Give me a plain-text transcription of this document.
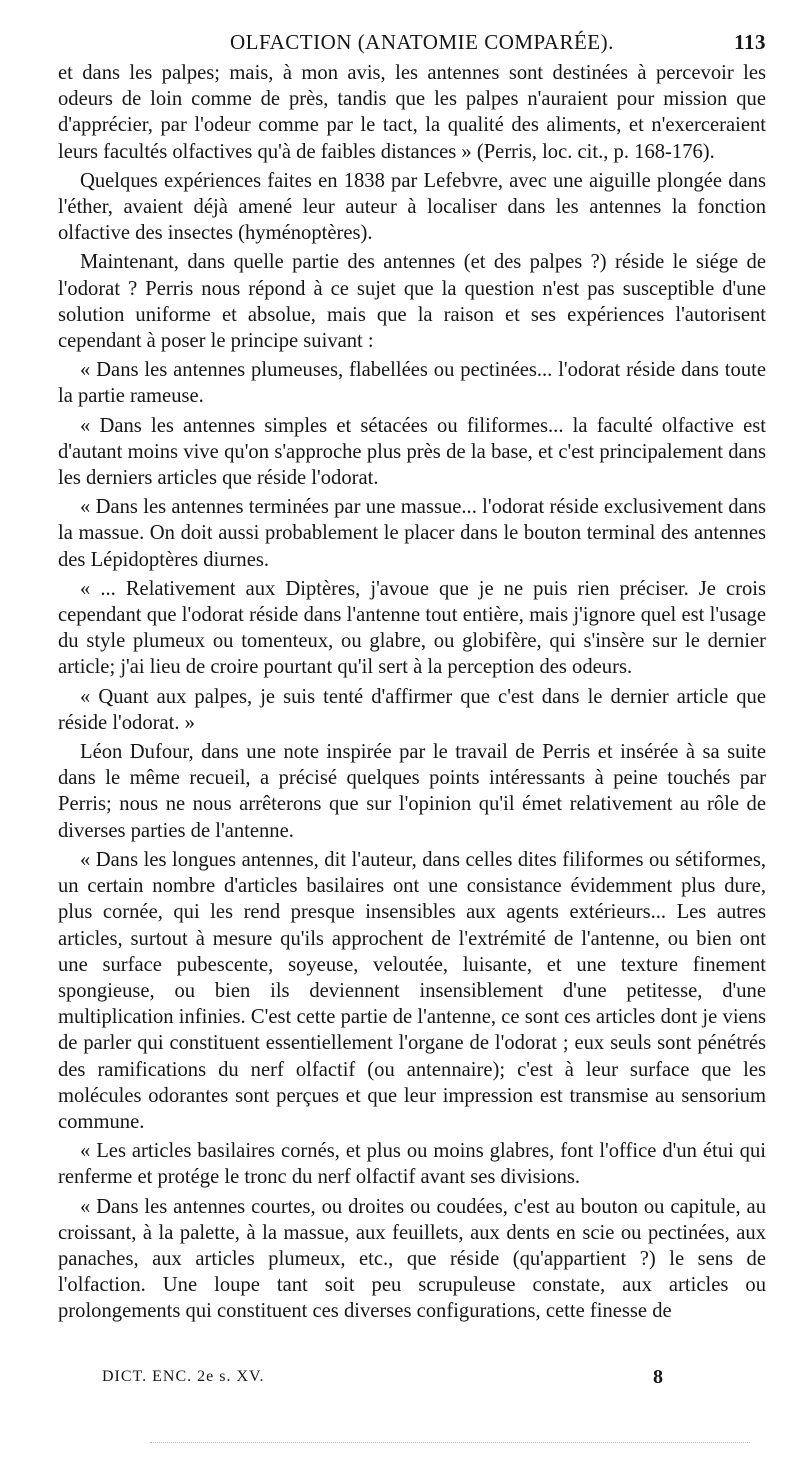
OLFACTION (ANATOMIE COMPARÉE).	113

et dans les palpes; mais, à mon avis, les antennes sont destinées à percevoir les odeurs de loin comme de près, tandis que les palpes n'auraient pour mission que d'apprécier, par l'odeur comme par le tact, la qualité des aliments, et n'exerceraient leurs facultés olfactives qu'à de faibles distances » (Perris, loc. cit., p. 168-176).

Quelques expériences faites en 1838 par Lefebvre, avec une aiguille plongée dans l'éther, avaient déjà amené leur auteur à localiser dans les antennes la fonction olfactive des insectes (hyménoptères).

Maintenant, dans quelle partie des antennes (et des palpes ?) réside le siége de l'odorat ? Perris nous répond à ce sujet que la question n'est pas susceptible d'une solution uniforme et absolue, mais que la raison et ses expériences l'autorisent cependant à poser le principe suivant :

« Dans les antennes plumeuses, flabellées ou pectinées... l'odorat réside dans toute la partie rameuse.

« Dans les antennes simples et sétacées ou filiformes... la faculté olfactive est d'autant moins vive qu'on s'approche plus près de la base, et c'est principalement dans les derniers articles que réside l'odorat.

« Dans les antennes terminées par une massue... l'odorat réside exclusivement dans la massue. On doit aussi probablement le placer dans le bouton terminal des antennes des Lépidoptères diurnes.

« ... Relativement aux Diptères, j'avoue que je ne puis rien préciser. Je crois cependant que l'odorat réside dans l'antenne tout entière, mais j'ignore quel est l'usage du style plumeux ou tomenteux, ou glabre, ou globifère, qui s'insère sur le dernier article; j'ai lieu de croire pourtant qu'il sert à la perception des odeurs.

« Quant aux palpes, je suis tenté d'affirmer que c'est dans le dernier article que réside l'odorat. »

Léon Dufour, dans une note inspirée par le travail de Perris et insérée à sa suite dans le même recueil, a précisé quelques points intéressants à peine touchés par Perris; nous ne nous arrêterons que sur l'opinion qu'il émet relativement au rôle de diverses parties de l'antenne.

« Dans les longues antennes, dit l'auteur, dans celles dites filiformes ou sétiformes, un certain nombre d'articles basilaires ont une consistance évidemment plus dure, plus cornée, qui les rend presque insensibles aux agents extérieurs... Les autres articles, surtout à mesure qu'ils approchent de l'extrémité de l'antenne, ou bien ont une surface pubescente, soyeuse, veloutée, luisante, et une texture finement spongieuse, ou bien ils deviennent insensiblement d'une petitesse, d'une multiplication infinies. C'est cette partie de l'antenne, ce sont ces articles dont je viens de parler qui constituent essentiellement l'organe de l'odorat ; eux seuls sont pénétrés des ramifications du nerf olfactif (ou antennaire); c'est à leur surface que les molécules odorantes sont perçues et que leur impression est transmise au sensorium commune.

« Les articles basilaires cornés, et plus ou moins glabres, font l'office d'un étui qui renferme et protége le tronc du nerf olfactif avant ses divisions.

« Dans les antennes courtes, ou droites ou coudées, c'est au bouton ou capitule, au croissant, à la palette, à la massue, aux feuillets, aux dents en scie ou pectinées, aux panaches, aux articles plumeux, etc., que réside (qu'appartient ?) le sens de l'olfaction. Une loupe tant soit peu scrupuleuse constate, aux articles ou prolongements qui constituent ces diverses configurations, cette finesse de

DICT. ENC. 2e s. XV.	8
